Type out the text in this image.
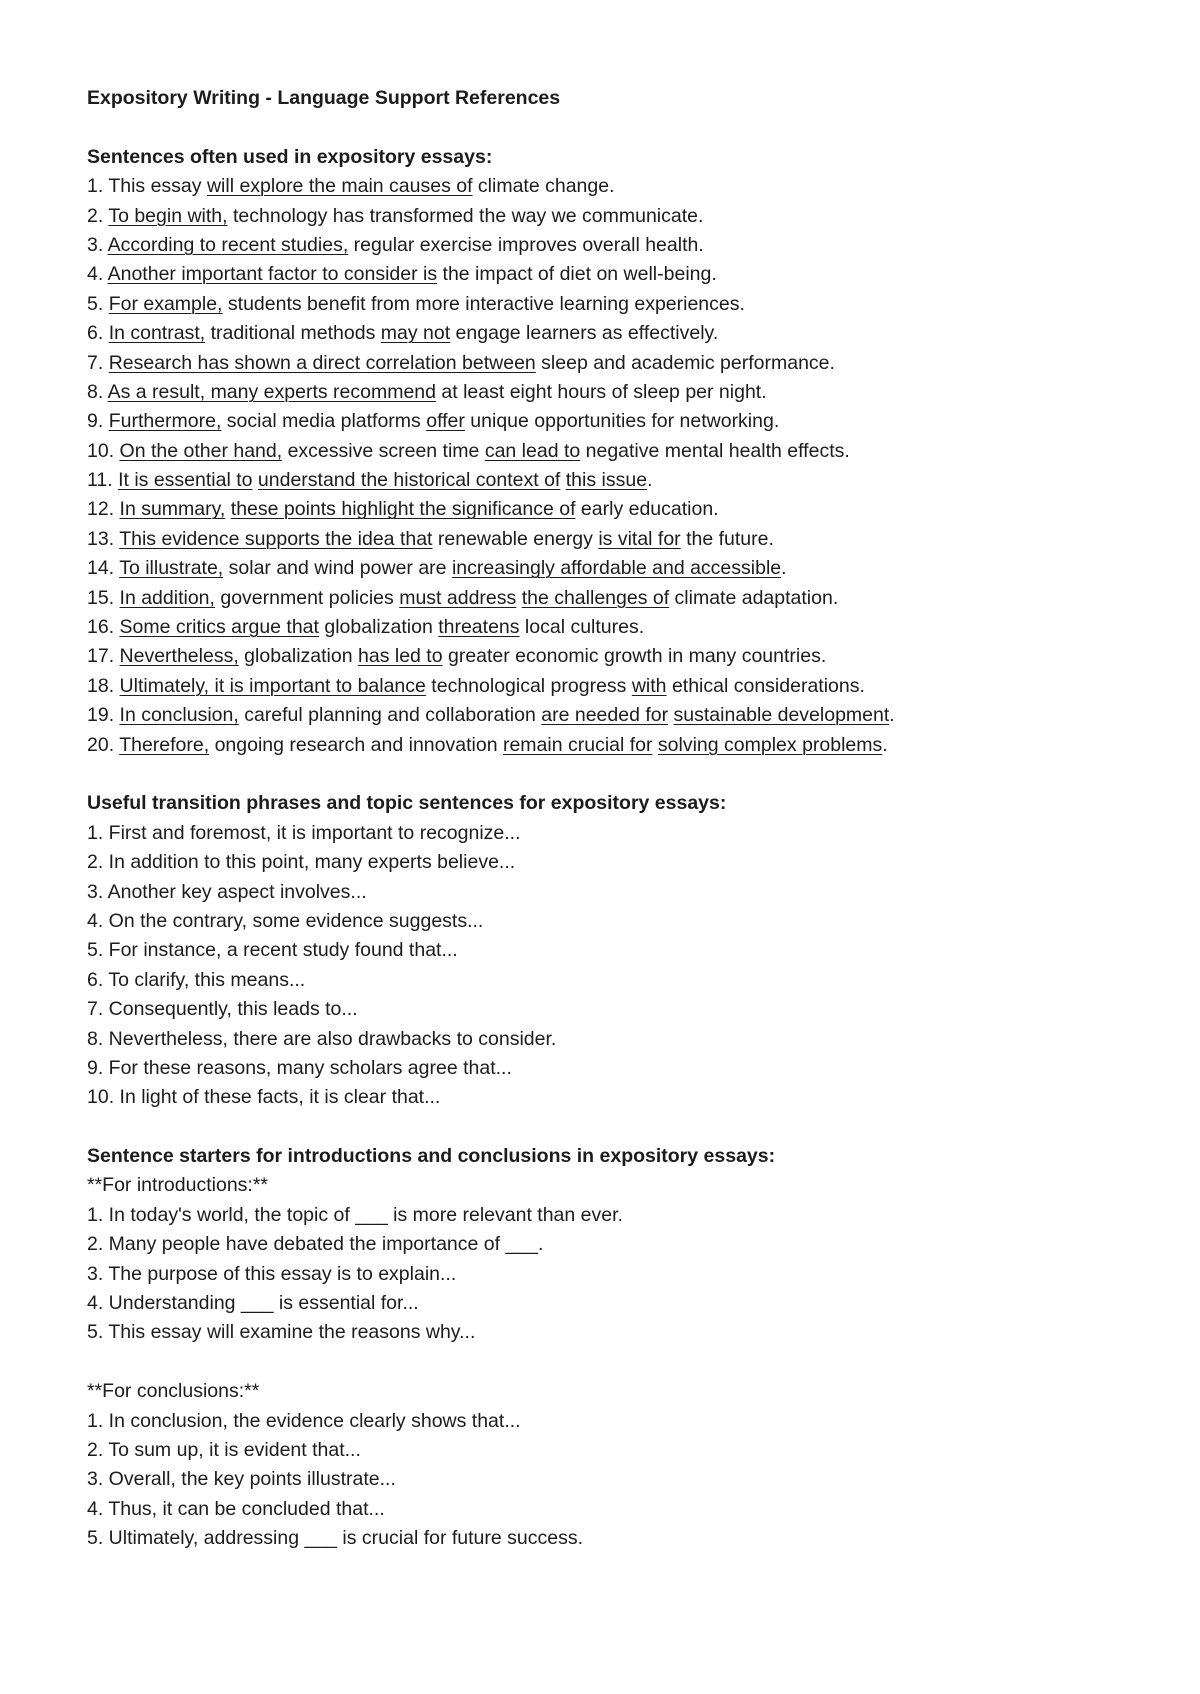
Expository Writing - Language Support References
Sentences often used in expository essays:
1. This essay will explore the main causes of climate change.
2. To begin with, technology has transformed the way we communicate.
3. According to recent studies, regular exercise improves overall health.
4. Another important factor to consider is the impact of diet on well-being.
5. For example, students benefit from more interactive learning experiences.
6. In contrast, traditional methods may not engage learners as effectively.
7. Research has shown a direct correlation between sleep and academic performance.
8. As a result, many experts recommend at least eight hours of sleep per night.
9. Furthermore, social media platforms offer unique opportunities for networking.
10. On the other hand, excessive screen time can lead to negative mental health effects.
11. It is essential to understand the historical context of this issue.
12. In summary, these points highlight the significance of early education.
13. This evidence supports the idea that renewable energy is vital for the future.
14. To illustrate, solar and wind power are increasingly affordable and accessible.
15. In addition, government policies must address the challenges of climate adaptation.
16. Some critics argue that globalization threatens local cultures.
17. Nevertheless, globalization has led to greater economic growth in many countries.
18. Ultimately, it is important to balance technological progress with ethical considerations.
19. In conclusion, careful planning and collaboration are needed for sustainable development.
20. Therefore, ongoing research and innovation remain crucial for solving complex problems.
Useful transition phrases and topic sentences for expository essays:
1. First and foremost, it is important to recognize...
2. In addition to this point, many experts believe...
3. Another key aspect involves...
4. On the contrary, some evidence suggests...
5. For instance, a recent study found that...
6. To clarify, this means...
7. Consequently, this leads to...
8. Nevertheless, there are also drawbacks to consider.
9. For these reasons, many scholars agree that...
10. In light of these facts, it is clear that...
Sentence starters for introductions and conclusions in expository essays:
**For introductions:**
1. In today's world, the topic of ___ is more relevant than ever.
2. Many people have debated the importance of ___.
3. The purpose of this essay is to explain...
4. Understanding ___ is essential for...
5. This essay will examine the reasons why...
**For conclusions:**
1. In conclusion, the evidence clearly shows that...
2. To sum up, it is evident that...
3. Overall, the key points illustrate...
4. Thus, it can be concluded that...
5. Ultimately, addressing ___ is crucial for future success.
